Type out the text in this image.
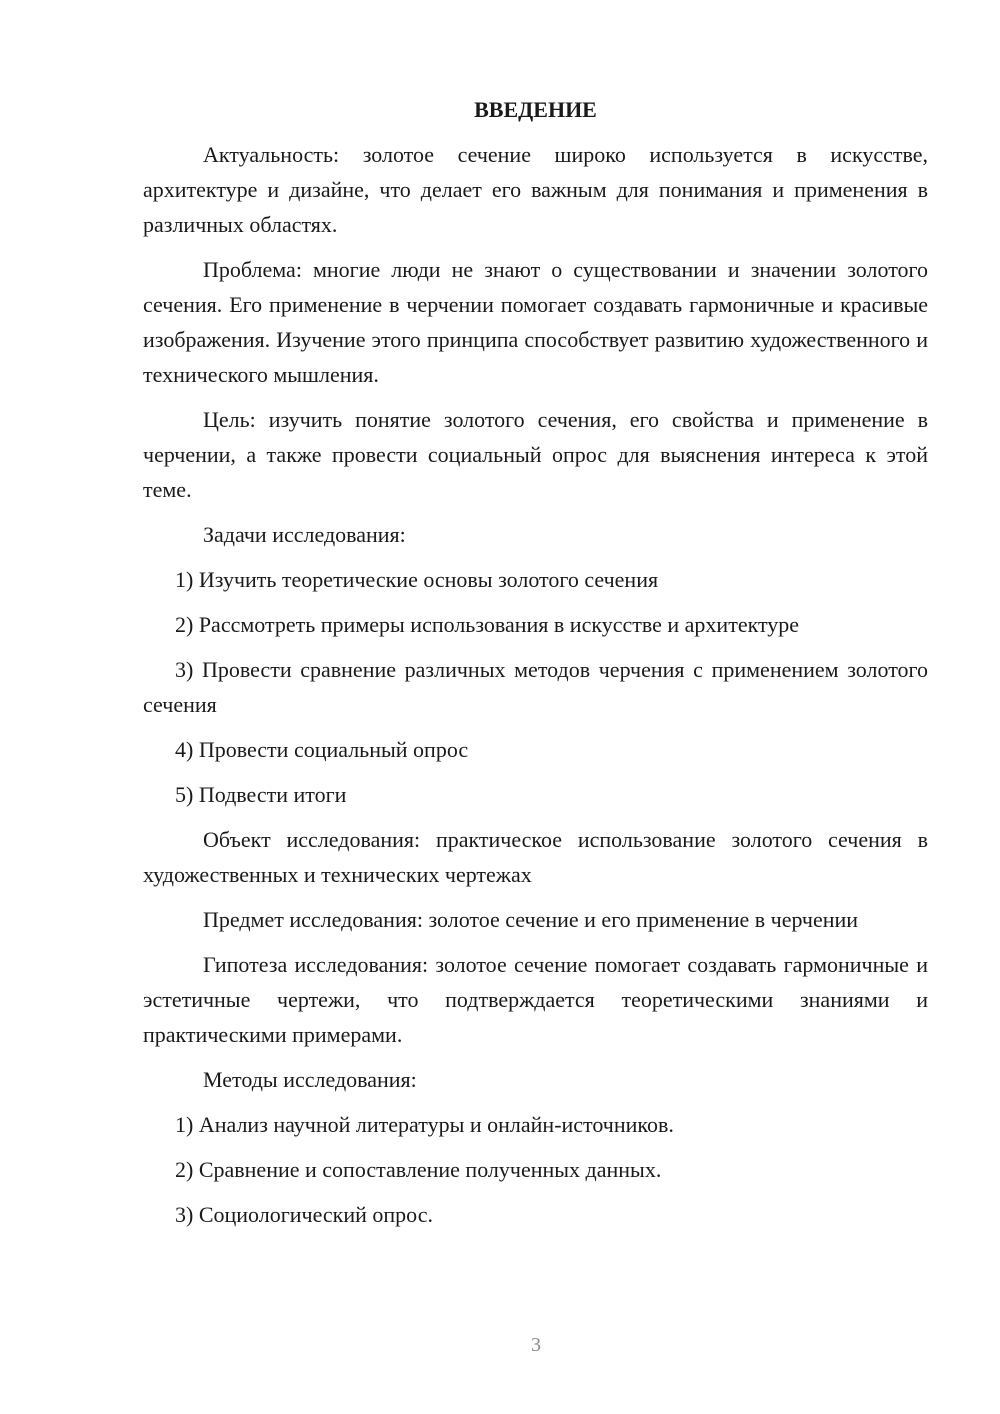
ВВЕДЕНИЕ
Актуальность: золотое сечение широко используется в искусстве, архитектуре и дизайне, что делает его важным для понимания и применения в различных областях.
Проблема: многие люди не знают о существовании и значении золотого сечения. Его применение в черчении помогает создавать гармоничные и красивые изображения. Изучение этого принципа способствует развитию художественного и технического мышления.
Цель: изучить понятие золотого сечения, его свойства и применение в черчении, а также провести социальный опрос для выяснения интереса к этой теме.
Задачи исследования:
1) Изучить теоретические основы золотого сечения
2) Рассмотреть примеры использования в искусстве и архитектуре
3) Провести сравнение различных методов черчения с применением золотого сечения
4) Провести социальный опрос
5) Подвести итоги
Объект исследования: практическое использование золотого сечения в художественных и технических чертежах
Предмет исследования: золотое сечение и его применение в черчении
Гипотеза исследования: золотое сечение помогает создавать гармоничные и эстетичные чертежи, что подтверждается теоретическими знаниями и практическими примерами.
Методы исследования:
1) Анализ научной литературы и онлайн-источников.
2) Сравнение и сопоставление полученных данных.
3) Социологический опрос.
3
